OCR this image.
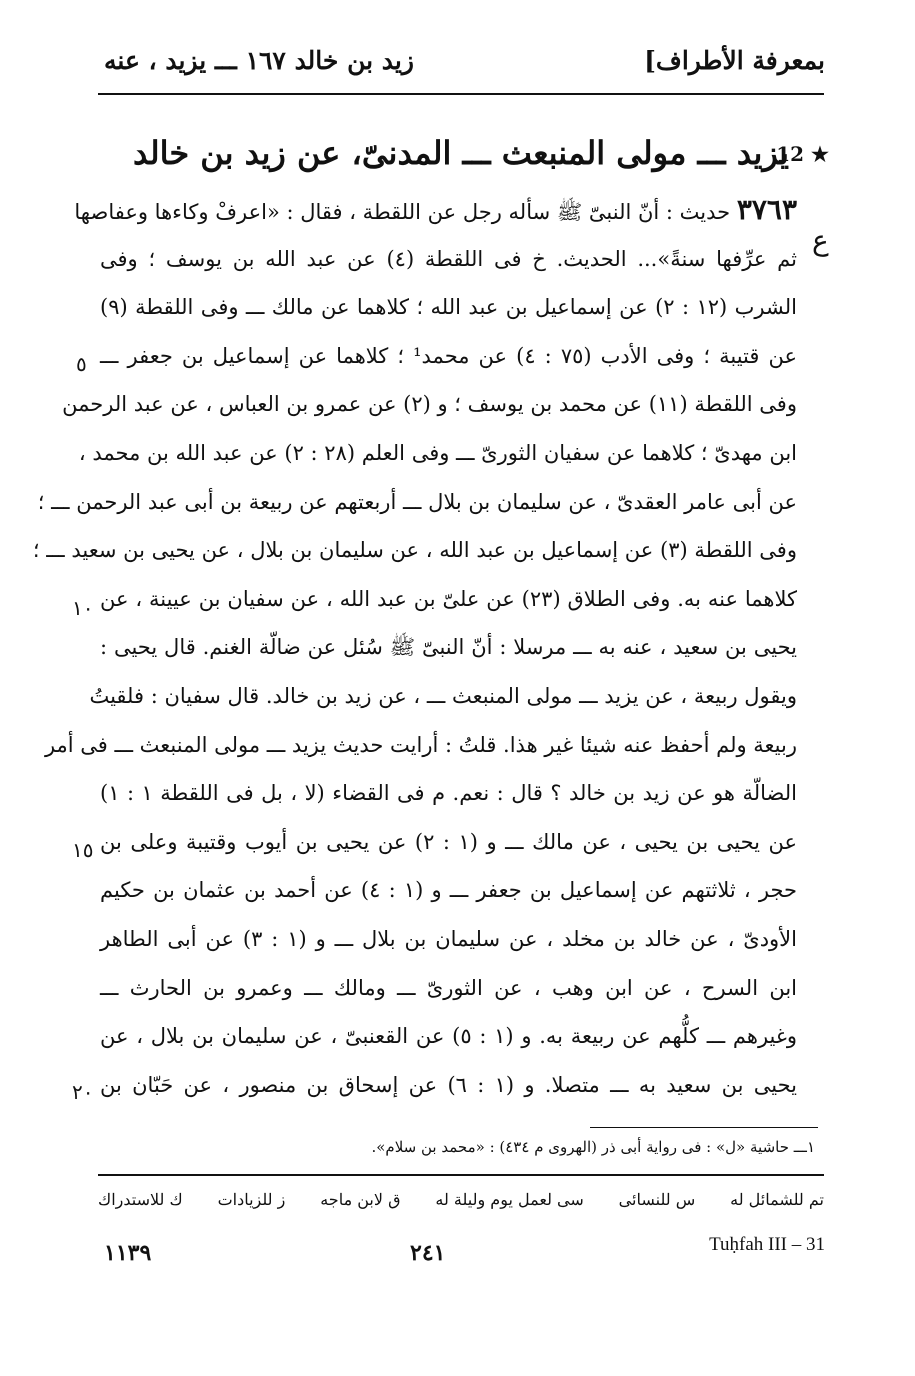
بمعرفة الأطراف]
زيد بن خالد ١٦٧ ـــ يزيد ، عنه
12 ★
يزيد ـــ مولى المنبعث ـــ المدنىّ، عن زيد بن خالد
ع
٥
١٠
١٥
٢٠
٣٧٦٣ حديث : أنّ النبىّ ﷺ سأله رجل عن اللقطة ، فقال : «اعرفْ وكاءها وعفاصها
ثم عرِّفها سنةً»... الحديث. خ فى اللقطة (٤) عن عبد الله بن يوسف ؛ وفى
الشرب (١٢ : ٢) عن إسماعيل بن عبد الله ؛ كلاهما عن مالك ـــ وفى اللقطة (٩)
عن قتيبة ؛ وفى الأدب (٧٥ : ٤) عن محمد¹ ؛ كلاهما عن إسماعيل بن جعفر ـــ
وفى اللقطة (١١) عن محمد بن يوسف ؛ و (٢) عن عمرو بن العباس ، عن عبد الرحمن
ابن مهدىّ ؛ كلاهما عن سفيان الثورىّ ـــ وفى العلم (٢٨ : ٢) عن عبد الله بن محمد ،
عن أبى عامر العقدىّ ، عن سليمان بن بلال ـــ أربعتهم عن ربيعة بن أبى عبد الرحمن ـــ ؛
وفى اللقطة (٣) عن إسماعيل بن عبد الله ، عن سليمان بن بلال ، عن يحيى بن سعيد ـــ ؛
كلاهما عنه به. وفى الطلاق (٢٣) عن علىّ بن عبد الله ، عن سفيان بن عيينة ، عن
يحيى بن سعيد ، عنه به ـــ مرسلا : أنّ النبىّ ﷺ سُئل عن ضالّة الغنم. قال يحيى :
ويقول ربيعة ، عن يزيد ـــ مولى المنبعث ـــ ، عن زيد بن خالد. قال سفيان : فلقيتُ
ربيعة ولم أحفظ عنه شيئا غير هذا. قلتُ : أرايت حديث يزيد ـــ مولى المنبعث ـــ فى أمر
الضالّة هو عن زيد بن خالد ؟ قال : نعم. م فى القضاء (لا ، بل فى اللقطة ١ : ١)
عن يحيى بن يحيى ، عن مالك ـــ و (١ : ٢) عن يحيى بن أيوب وقتيبة وعلى بن
حجر ، ثلاثتهم عن إسماعيل بن جعفر ـــ و (١ : ٤) عن أحمد بن عثمان بن حكيم
الأودىّ ، عن خالد بن مخلد ، عن سليمان بن بلال ـــ و (١ : ٣) عن أبى الطاهر
ابن السرح ، عن ابن وهب ، عن الثورىّ ـــ ومالك ـــ وعمرو بن الحارث ـــ
وغيرهم ـــ كلُّهم عن ربيعة به. و (١ : ٥) عن القعنبىّ ، عن سليمان بن بلال ، عن
يحيى بن سعيد به ـــ متصلا. و (١ : ٦) عن إسحاق بن منصور ، عن حَبّان بن
١ـــ حاشية «ل» : فى رواية أبى ذر (الهروى م ٤٣٤) : «محمد بن سلام».
تم للشمائل له
س للنسائى
سى لعمل يوم وليلة له
ق لابن ماجه
ز للزيادات
ك للاستدراك
Tuḥfah III – 31
٢٤١
١١٣٩
